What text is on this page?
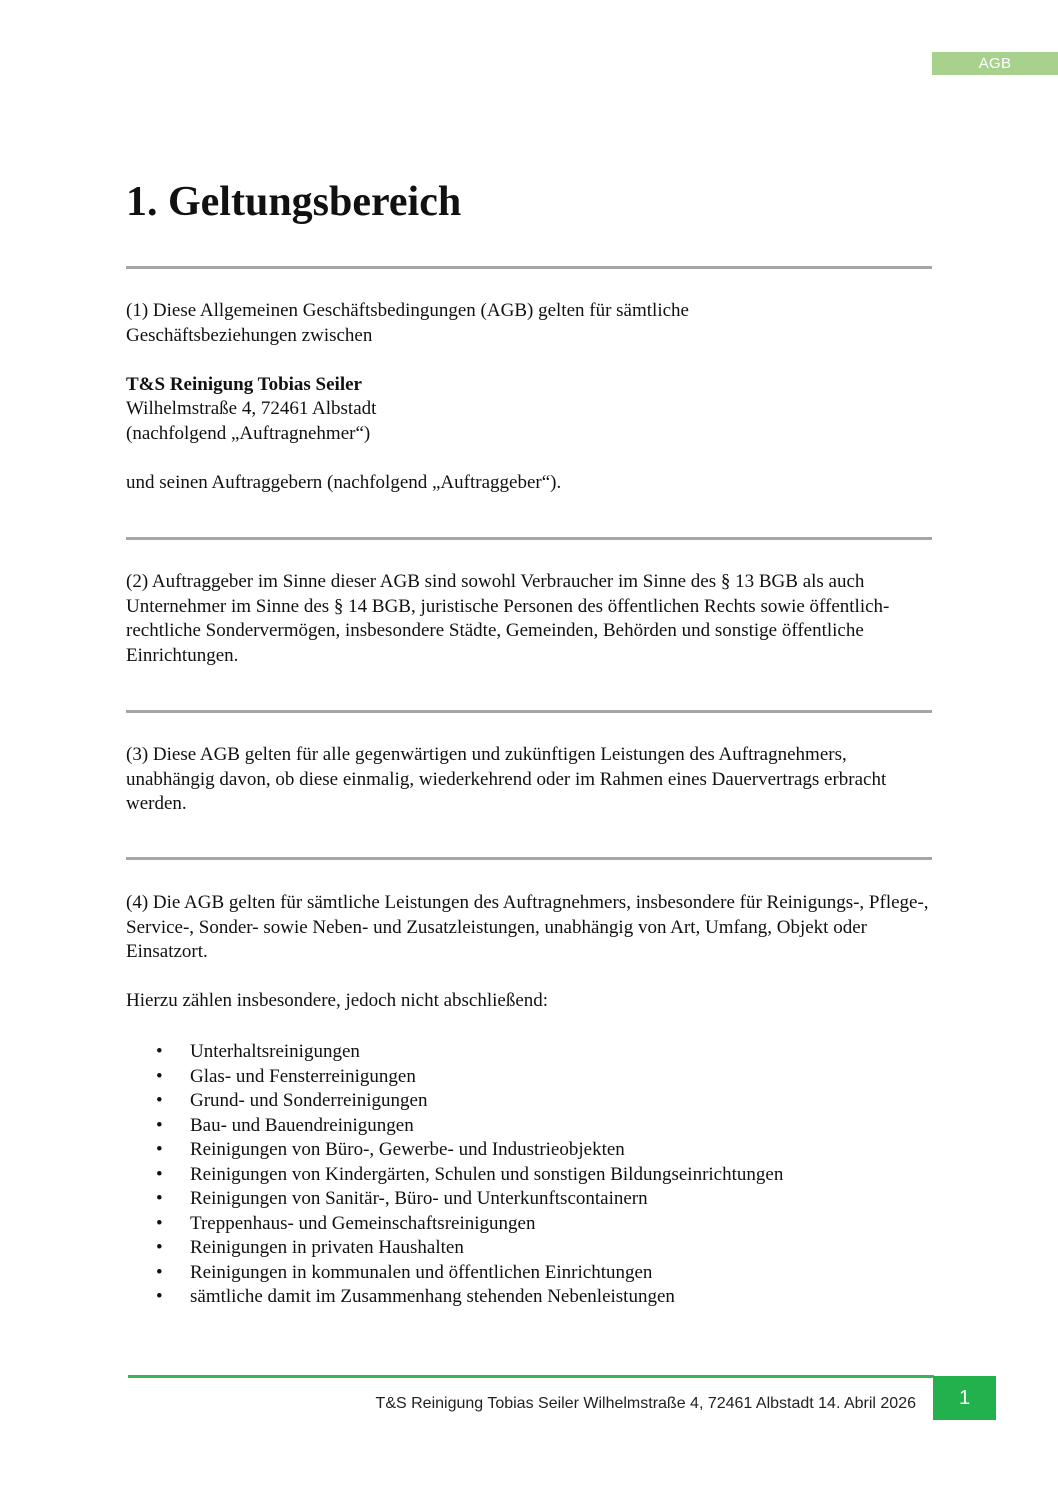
AGB
1. Geltungsbereich

(1) Diese Allgemeinen Geschäftsbedingungen (AGB) gelten für sämtliche

Geschäftsbeziehungen zwischen

T&S Reinigung Tobias Seiler

Wilhelmstraße 4, 72461 Albstadt

(nachfolgend „Auftragnehmer“)

und seinen Auftraggebern (nachfolgend „Auftraggeber“).

(2) Auftraggeber im Sinne dieser AGB sind sowohl Verbraucher im Sinne des § 13 BGB als auch Unternehmer im Sinne des § 14 BGB, juristische Personen des öffentlichen Rechts sowie öffentlich-rechtliche Sondervermögen, insbesondere Städte, Gemeinden, Behörden und sonstige öffentliche Einrichtungen.

(3) Diese AGB gelten für alle gegenwärtigen und zukünftigen Leistungen des Auftragnehmers, unabhängig davon, ob diese einmalig, wiederkehrend oder im Rahmen eines Dauervertrags erbracht werden.

(4) Die AGB gelten für sämtliche Leistungen des Auftragnehmers, insbesondere für Reinigungs-, Pflege-, Service-, Sonder- sowie Neben- und Zusatzleistungen, unabhängig von Art, Umfang, Objekt oder Einsatzort.

Hierzu zählen insbesondere, jedoch nicht abschließend:

• Unterhaltsreinigungen
• Glas- und Fensterreinigungen
• Grund- und Sonderreinigungen
• Bau- und Bauendreinigungen
• Reinigungen von Büro-, Gewerbe- und Industrieobjekten
• Reinigungen von Kindergärten, Schulen und sonstigen Bildungseinrichtungen
• Reinigungen von Sanitär-, Büro- und Unterkunftscontainern
• Treppenhaus- und Gemeinschaftsreinigungen
• Reinigungen in privaten Haushalten
• Reinigungen in kommunalen und öffentlichen Einrichtungen
• sämtliche damit im Zusammenhang stehenden Nebenleistungen
T&S Reinigung Tobias Seiler Wilhelmstraße 4, 72461 Albstadt 14. Abril 2026	1
